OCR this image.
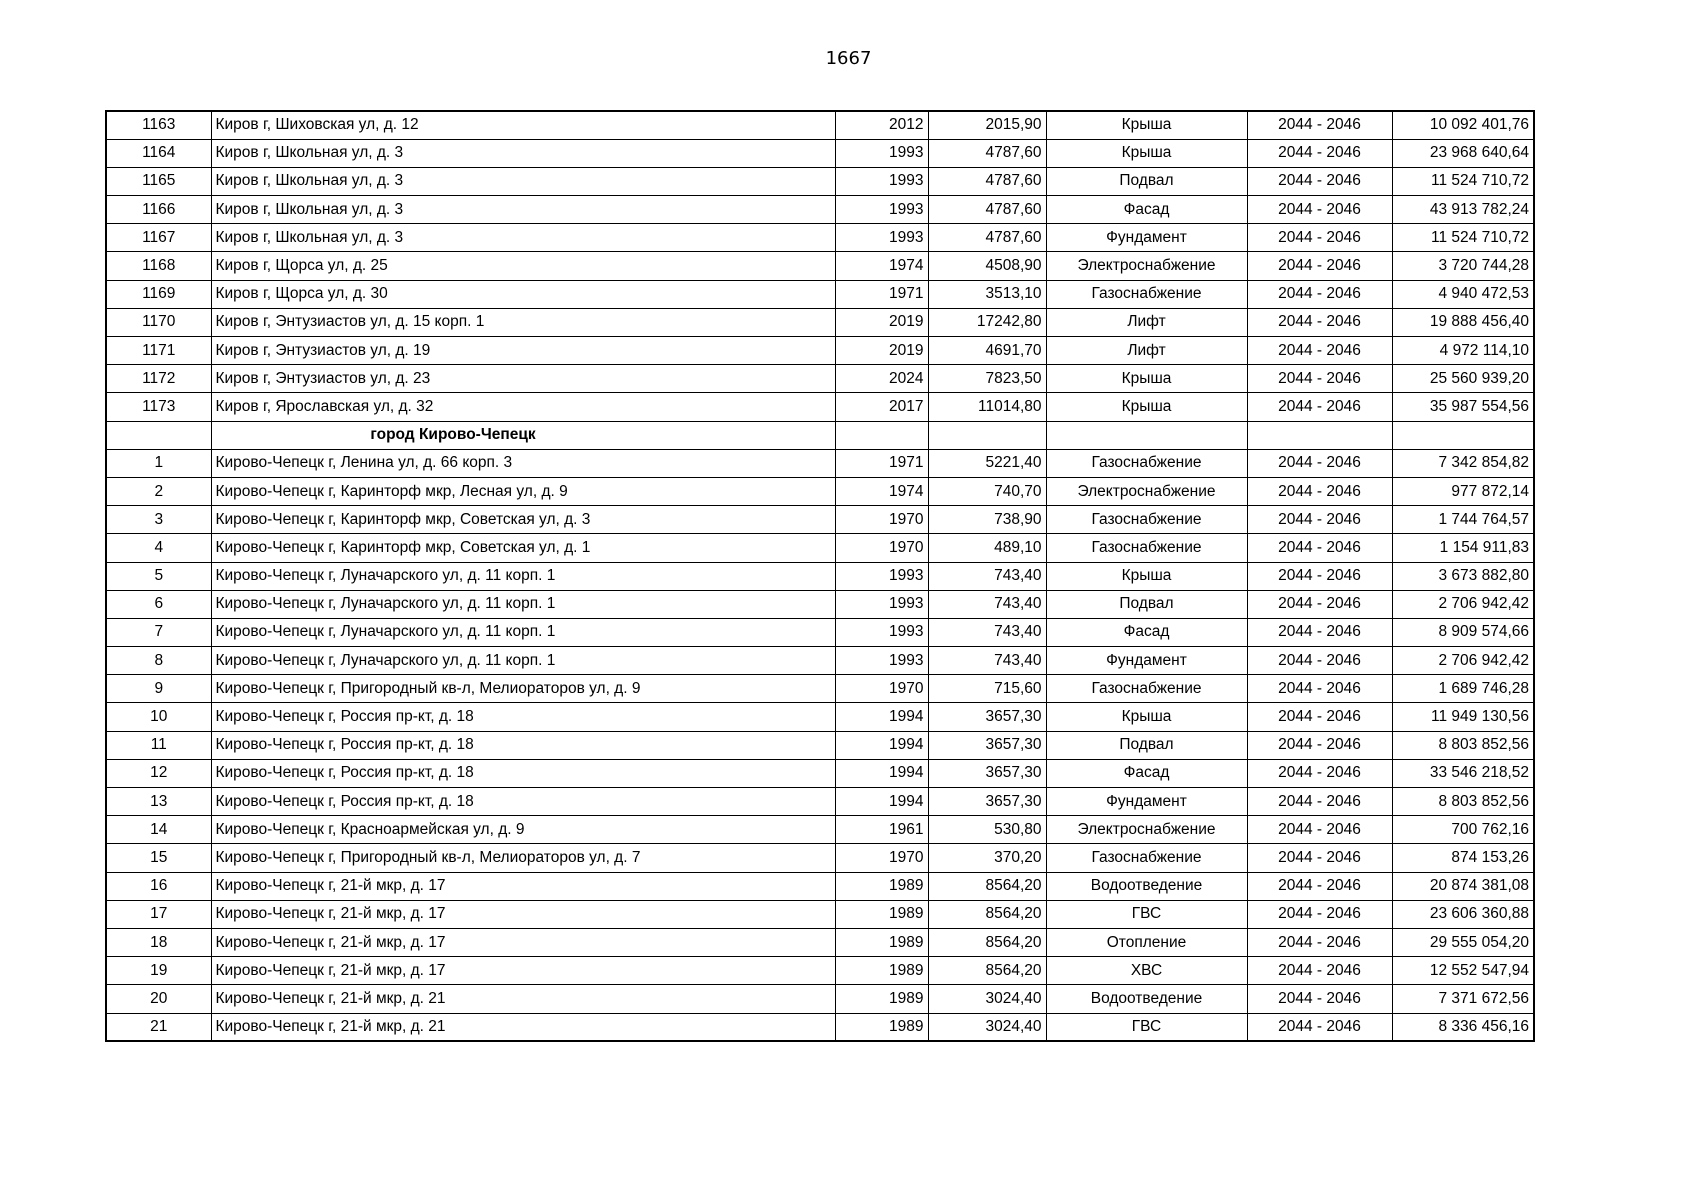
1667
1163	Киров г, Шиховская ул, д. 12	2012	2015,90	Крыша	2044 - 2046	10 092 401,76
1164	Киров г, Школьная ул, д. 3	1993	4787,60	Крыша	2044 - 2046	23 968 640,64
1165	Киров г, Школьная ул, д. 3	1993	4787,60	Подвал	2044 - 2046	11 524 710,72
1166	Киров г, Школьная ул, д. 3	1993	4787,60	Фасад	2044 - 2046	43 913 782,24
1167	Киров г, Школьная ул, д. 3	1993	4787,60	Фундамент	2044 - 2046	11 524 710,72
1168	Киров г, Щорса ул, д. 25	1974	4508,90	Электроснабжение	2044 - 2046	3 720 744,28
1169	Киров г, Щорса ул, д. 30	1971	3513,10	Газоснабжение	2044 - 2046	4 940 472,53
1170	Киров г, Энтузиастов ул, д. 15 корп. 1	2019	17242,80	Лифт	2044 - 2046	19 888 456,40
1171	Киров г, Энтузиастов ул, д. 19	2019	4691,70	Лифт	2044 - 2046	4 972 114,10
1172	Киров г, Энтузиастов ул, д. 23	2024	7823,50	Крыша	2044 - 2046	25 560 939,20
1173	Киров г, Ярославская ул, д. 32	2017	11014,80	Крыша	2044 - 2046	35 987 554,56
	город Кирово-Чепецк					
1	Кирово-Чепецк г, Ленина ул, д. 66 корп. 3	1971	5221,40	Газоснабжение	2044 - 2046	7 342 854,82
2	Кирово-Чепецк г, Каринторф мкр, Лесная ул, д. 9	1974	740,70	Электроснабжение	2044 - 2046	977 872,14
3	Кирово-Чепецк г, Каринторф мкр, Советская ул, д. 3	1970	738,90	Газоснабжение	2044 - 2046	1 744 764,57
4	Кирово-Чепецк г, Каринторф мкр, Советская ул, д. 1	1970	489,10	Газоснабжение	2044 - 2046	1 154 911,83
5	Кирово-Чепецк г, Луначарского ул, д. 11 корп. 1	1993	743,40	Крыша	2044 - 2046	3 673 882,80
6	Кирово-Чепецк г, Луначарского ул, д. 11 корп. 1	1993	743,40	Подвал	2044 - 2046	2 706 942,42
7	Кирово-Чепецк г, Луначарского ул, д. 11 корп. 1	1993	743,40	Фасад	2044 - 2046	8 909 574,66
8	Кирово-Чепецк г, Луначарского ул, д. 11 корп. 1	1993	743,40	Фундамент	2044 - 2046	2 706 942,42
9	Кирово-Чепецк г, Пригородный кв-л, Мелиораторов ул, д. 9	1970	715,60	Газоснабжение	2044 - 2046	1 689 746,28
10	Кирово-Чепецк г, Россия пр-кт, д. 18	1994	3657,30	Крыша	2044 - 2046	11 949 130,56
11	Кирово-Чепецк г, Россия пр-кт, д. 18	1994	3657,30	Подвал	2044 - 2046	8 803 852,56
12	Кирово-Чепецк г, Россия пр-кт, д. 18	1994	3657,30	Фасад	2044 - 2046	33 546 218,52
13	Кирово-Чепецк г, Россия пр-кт, д. 18	1994	3657,30	Фундамент	2044 - 2046	8 803 852,56
14	Кирово-Чепецк г, Красноармейская ул, д. 9	1961	530,80	Электроснабжение	2044 - 2046	700 762,16
15	Кирово-Чепецк г, Пригородный кв-л, Мелиораторов ул, д. 7	1970	370,20	Газоснабжение	2044 - 2046	874 153,26
16	Кирово-Чепецк г, 21-й мкр, д. 17	1989	8564,20	Водоотведение	2044 - 2046	20 874 381,08
17	Кирово-Чепецк г, 21-й мкр, д. 17	1989	8564,20	ГВС	2044 - 2046	23 606 360,88
18	Кирово-Чепецк г, 21-й мкр, д. 17	1989	8564,20	Отопление	2044 - 2046	29 555 054,20
19	Кирово-Чепецк г, 21-й мкр, д. 17	1989	8564,20	ХВС	2044 - 2046	12 552 547,94
20	Кирово-Чепецк г, 21-й мкр, д. 21	1989	3024,40	Водоотведение	2044 - 2046	7 371 672,56
21	Кирово-Чепецк г, 21-й мкр, д. 21	1989	3024,40	ГВС	2044 - 2046	8 336 456,16
